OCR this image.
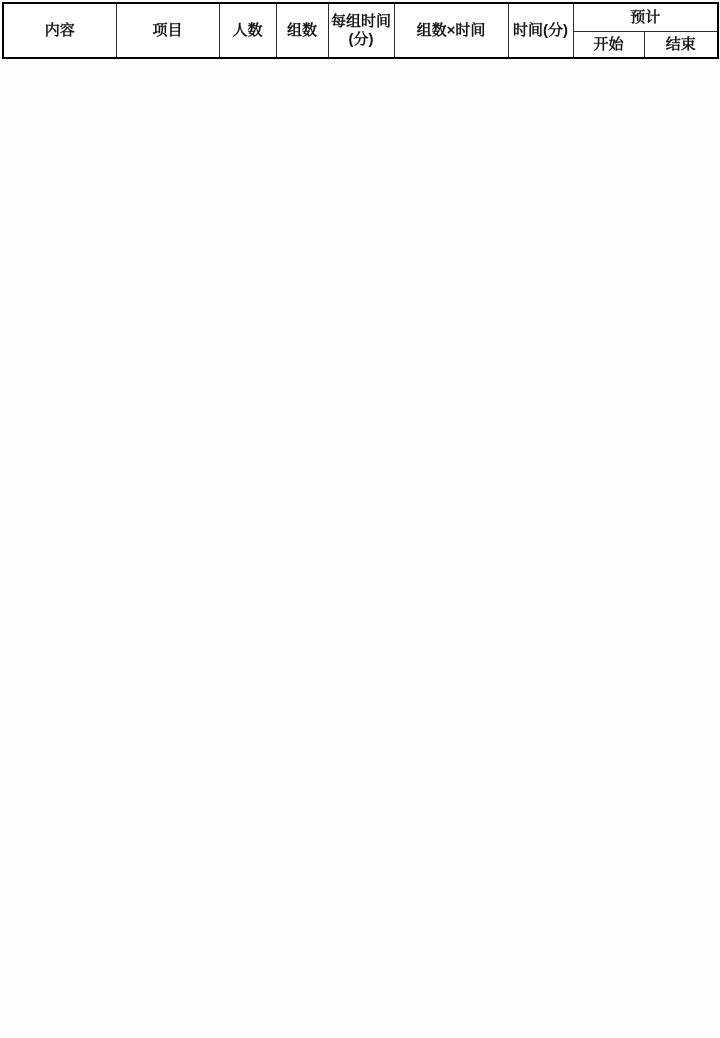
内容	项目	人数	组数	每组时间(分)	组数×时间	时间(分)	预计	
							开始	结束
